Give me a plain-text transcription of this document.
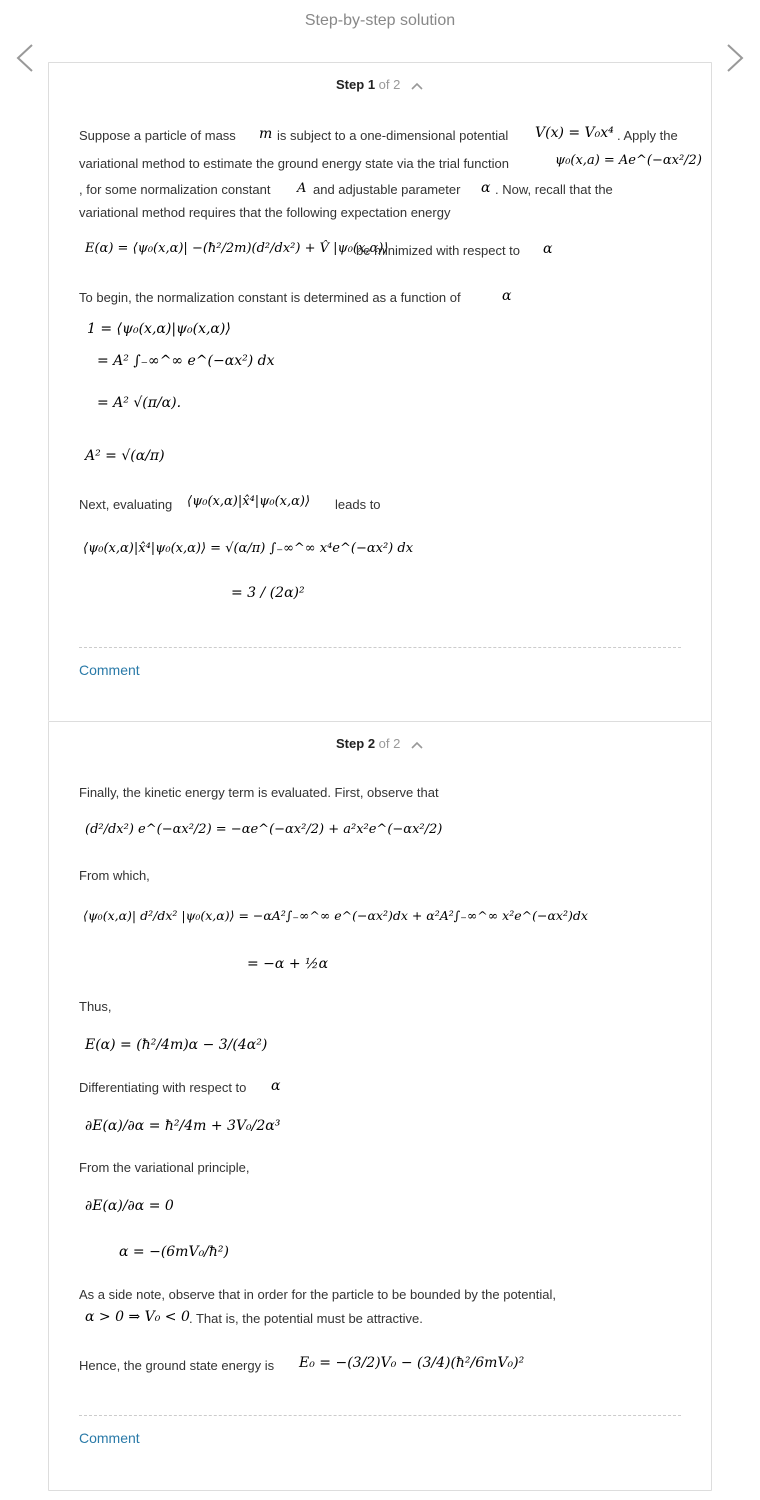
Step-by-step solution
Step 1 of 2
Suppose a particle of mass m is subject to a one-dimensional potential V(x) = V₀x⁴ . Apply the
variational method to estimate the ground energy state via the trial function	ψ₀(x,a) = Ae^(−αx²/2)
, for some normalization constant A and adjustable parameter α . Now, recall that the
variational method requires that the following expectation energy
E(α) = ⟨ψ₀(x,α)| −(ħ²/2m)(d²/dx²) + V̂ |ψ₀(x,α)⟩
be minimized with respect to α
To begin, the normalization constant is determined as a function of	α
1 = ⟨ψ₀(x,α)|ψ₀(x,α)⟩
= A² ∫₋∞^∞ e^(−αx²) dx
= A² √(π/α).
A² = √(α/π)
Next, evaluating ⟨ψ₀(x,α)|x̂⁴|ψ₀(x,α)⟩ leads to
⟨ψ₀(x,α)|x̂⁴|ψ₀(x,α)⟩ = √(α/π) ∫₋∞^∞ x⁴e^(−αx²) dx
= 3 / (2α)²
Comment
Step 2 of 2
Finally, the kinetic energy term is evaluated. First, observe that
(d²/dx²) e^(−αx²/2) = −αe^(−αx²/2) + a²x²e^(−αx²/2)
From which,
⟨ψ₀(x,α)| d²/dx² |ψ₀(x,α)⟩ = −αA²∫₋∞^∞ e^(−αx²)dx + α²A²∫₋∞^∞ x²e^(−αx²)dx
= −α + ½α
Thus,
E(α) = (ħ²/4m)α − 3/(4α²)
Differentiating with respect to α
∂E(α)/∂α = ħ²/4m + 3V₀/2α³
From the variational principle,
∂E(α)/∂α = 0
α = −(6mV₀/ħ²)
As a side note, observe that in order for the particle to be bounded by the potential,
α > 0 ⇒ V₀ < 0 . That is, the potential must be attractive.
Hence, the ground state energy is E₀ = −(3/2)V₀ − (3/4)(ħ²/6mV₀)²
Comment
